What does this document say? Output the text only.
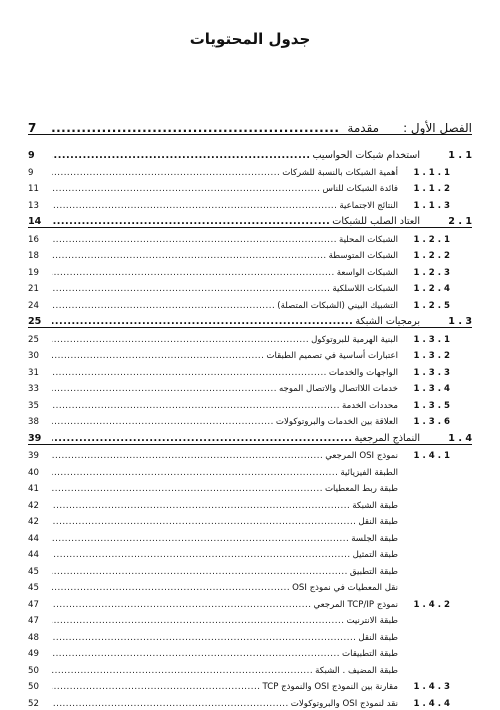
جدول المحتويات
الفصل الأول :
مقدمة
.....
7
1 . 1
استخدام شبكات الحواسيب
.....
9
1 . 1 . 1
أهمية الشبكات بالنسبة للشركات
.....
9
2 . 1 . 1
فائدة الشبكات للناس
.....
11
3 . 1 . 1
النتائج الاجتماعية
.....
13
1 . 2
العتاد الصلب للشبكات
.....
14
1 . 2 . 1
الشبكات المحلية
.....
16
2 . 2 . 1
الشبكات المتوسطة
.....
18
3 . 2 . 1
الشبكات الواسعة
.....
19
4 . 2 . 1
الشبكات اللاسلكية
.....
21
5 . 2 . 1
التشبيك البيني (الشبكات المتصلة)
.....
24
3 . 1
برمجيات الشبكة
.....
25
1 . 3 . 1
البنية الهرمية للبروتوكول
.....
25
2 . 3 . 1
اعتبارات أساسية في تصميم الطبقات
.....
30
3 . 3 . 1
الواجهات والخدمات
.....
31
4 . 3 . 1
خدمات اللااتصال والاتصال الموجه
.....
33
5 . 3 . 1
محددات الخدمة
.....
35
6 . 3 . 1
العلاقة بين الخدمات والبروتوكولات
.....
38
4 . 1
النماذج المرجعية
.....
39
1 . 4 . 1
نموذج OSI المرجعي
.....
39
الطبقة الفيزيائية
.....
40
طبقة ربط المعطيات
.....
41
طبقة الشبكة
.....
42
طبقة النقل
.....
42
طبقة الجلسة
.....
44
طبقة التمثيل
.....
44
طبقة التطبيق
.....
45
نقل المعطيات في نموذج OSI
.....
45
2 . 4 . 1
نموذج TCP/IP المرجعي
.....
47
طبقة الانترنيت
.....
47
طبقة النقل
.....
48
طبقة التطبيقات
.....
49
طبقة المضيف . الشبكة
.....
50
3 . 4 . 1
مقارنة بين النموذج OSI والنموذج TCP
.....
50
4 . 4 . 1
نقد لنموذج OSI والبروتوكولات
.....
52
